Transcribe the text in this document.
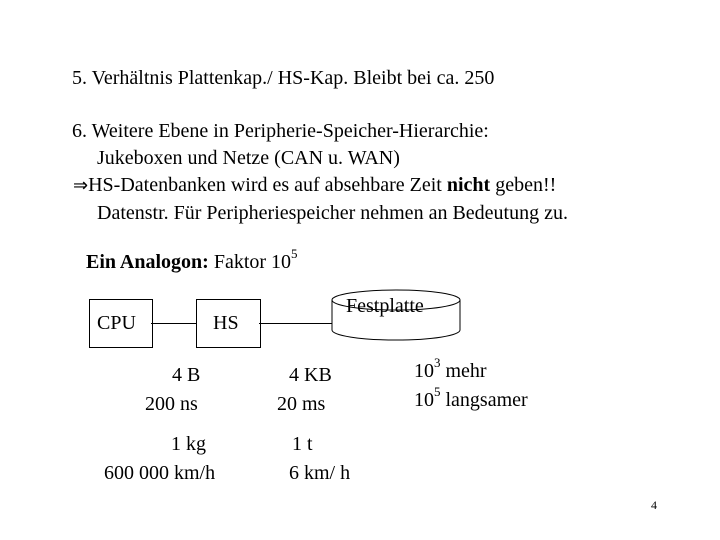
5. Verhältnis Plattenkap./ HS-Kap. Bleibt bei ca. 250
6. Weitere Ebene in Peripherie-Speicher-Hierarchie:
Jukeboxen und Netze (CAN u. WAN)
⇒HS-Datenbanken wird es auf absehbare Zeit nicht geben!!
Datenstr. Für Peripheriespeicher nehmen an Bedeutung zu.
Ein Analogon: Faktor $10^5$
CPU	HS
Festplatte
4 B
200 ns
4 KB
20 ms
$10^3$ mehr
$10^5$ langsamer
1 kg
600 000 km/h
1 t
6 km/ h
4
